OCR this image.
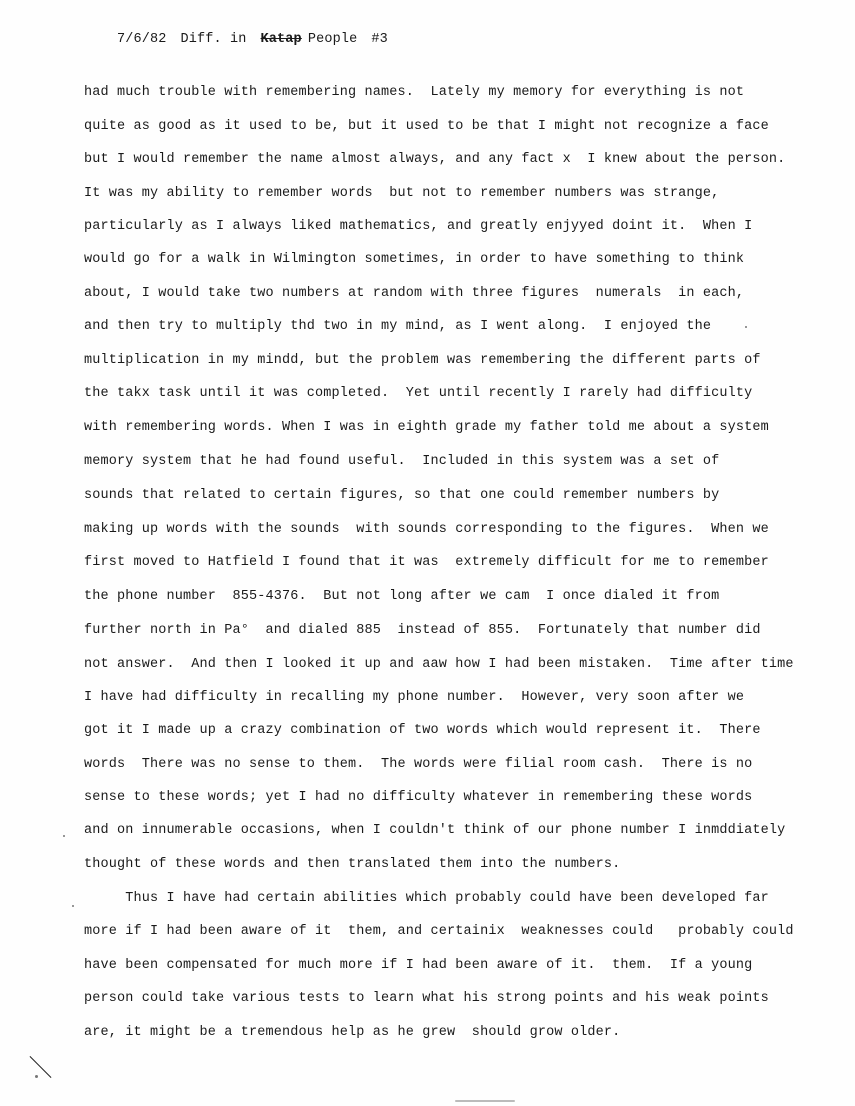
7/6/82 Diff. in Katap People #3

had much trouble with remembering names.  Lately my memory for everything is not
quite as good as it used to be, but it used to be that I might not recognize a face
but I would remember the name almost always, and any fact x  I knew about the person.
It was my ability to remember words  but not to remember numbers was strange,
particularly as I always liked mathematics, and greatly enjyyed doint it.  When I
would go for a walk in Wilmington sometimes, in order to have something to think
about, I would take two numbers at random with three figures  numerals  in each,
and then try to multiply thd two in my mind, as I went along.  I enjoyed the
multiplication in my mindd, but the problem was remembering the different parts of
the takx task until it was completed.  Yet until recently I rarely had difficulty
with remembering words. When I was in eighth grade my father told me about a system
memory system that he had found useful.  Included in this system was a set of
sounds that related to certain figures, so that one could remember numbers by
making up words with the sounds  with sounds corresponding to the figures.  When we
first moved to Hatfield I found that it was  extremely difficult for me to remember
the phone number  855-4376.  But not long after we cam  I once dialed it from
further north in Pa°  and dialed 885  instead of 855.  Fortunately that number did
not answer.  And then I looked it up and aaw how I had been mistaken.  Time after time
I have had difficulty in recalling my phone number.  However, very soon after we
got it I made up a crazy combination of two words which would represent it.  There
words  There was no sense to them.  The words were filial room cash.  There is no
sense to these words; yet I had no difficulty whatever in remembering these words
and on innumerable occasions, when I couldn't think of our phone number I inmddiately
thought of these words and then translated them into the numbers.
Thus I have had certain abilities which probably could have been developed far
more if I had been aware of it  them, and certainix  weaknesses could   probably could
have been compensated for much more if I had been aware of it.  them.  If a young
person could take various tests to learn what his strong points and his weak points
are, it might be a tremendous help as he grew  should grow older.
